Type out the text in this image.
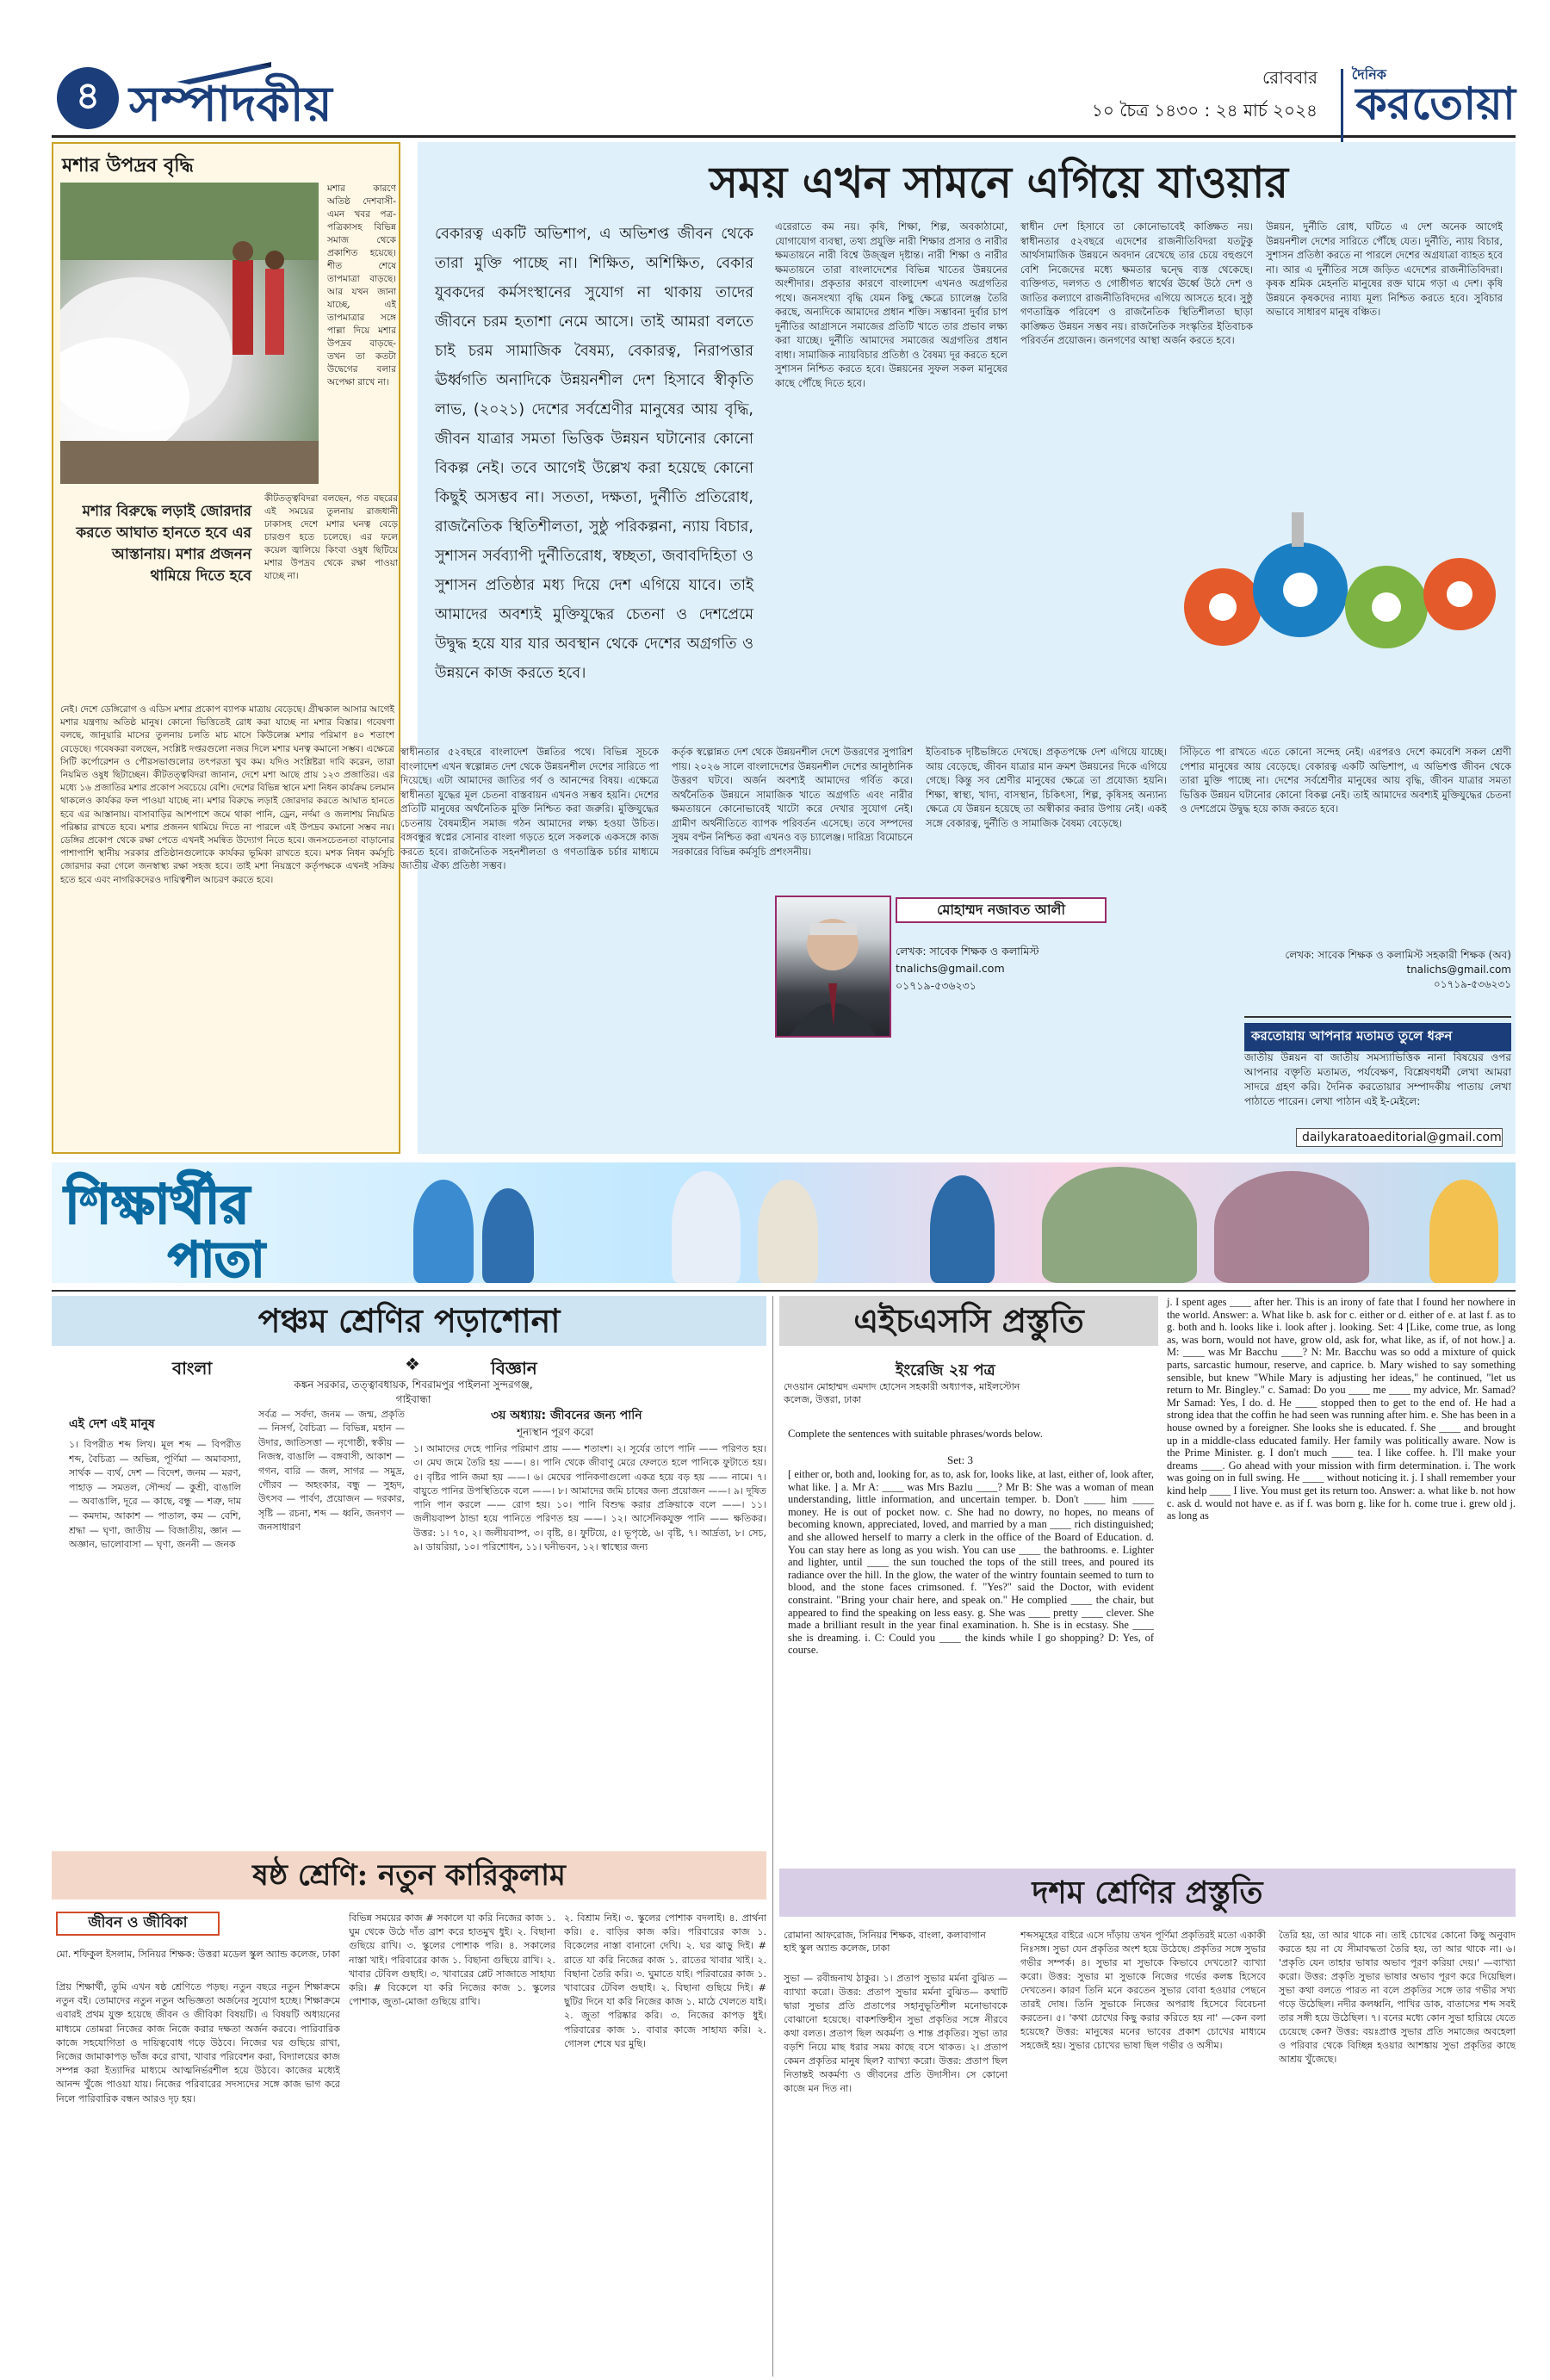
৪ সম্পাদকীয়	রোববার
১০ চৈত্র ১৪৩০ : ২৪ মার্চ ২০২৪
দৈনিক
করতোয়া
মশার উপদ্রব বৃদ্ধি
মশার কারণে অতিষ্ঠ দেশবাসী-এমন খবর পত্র-পত্রিকাসহ বিভিন্ন সমাজ থেকে প্রকাশিত হয়েছে। শীত শেষে তাপমাত্রা বাড়ছে। আর যখন জানা যাচ্ছে, এই তাপমাত্রার সঙ্গে পাল্লা দিয়ে মশার উপদ্রব বাড়ছে-তখন তা কতটা উদ্বেগের বলার অপেক্ষা রাখে না।
মশার বিরুদ্ধে লড়াই জোরদার করতে আঘাত হানতে হবে এর আস্তানায়। মশার প্রজনন থামিয়ে দিতে হবে
কীটতত্ত্ববিদরা বলছেন, গত বছরের এই সময়ের তুলনায় রাজধানী ঢাকাসহ দেশে মশার ঘনত্ব বেড়ে চারগুণ হতে চলেছে। এর ফলে কয়েল জ্বালিয়ে কিংবা ওষুধ ছিটিয়ে মশার উপদ্রব থেকে রক্ষা পাওয়া যাচ্ছে না।
নেই। দেশে ডেঙ্গিরোগ ও এডিস মশার প্রকোপ ব্যাপক মাত্রায় বেড়েছে। গ্রীষ্মকাল আসার আগেই মশার যন্ত্রণায় অতিষ্ঠ মানুষ। কোনো ভিত্তিতেই রোধ করা যাচ্ছে না মশার বিস্তার। গবেষণা বলছে, জানুয়ারি মাসের তুলনায় চলতি মাচ মাসে কিউলেক্স মশার পরিমাণ ৪০ শতাংশ বেড়েছে। গবেষকরা বলছেন, সংশ্লিষ্ট দপ্তরগুলো নজর দিলে মশার ঘনত্ব কমানো সম্ভব। এক্ষেত্রে সিটি কর্পোরেশন ও পৌরসভাগুলোর তৎপরতা খুব কম। যদিও সংশ্লিষ্টরা দাবি করেন, তারা নিয়মিত ওষুধ ছিটাচ্ছেন। কীটতত্ত্ববিদরা জানান, দেশে মশা আছে প্রায় ১২৩ প্রজাতির। এর মধ্যে ১৬ প্রজাতির মশার প্রকোপ সবচেয়ে বেশি। দেশের বিভিন্ন স্থানে মশা নিধন কার্যক্রম চলমান থাকলেও কার্যকর ফল পাওয়া যাচ্ছে না। মশার বিরুদ্ধে লড়াই জোরদার করতে আঘাত হানতে হবে এর আস্তানায়। বাসাবাড়ির আশপাশে জমে থাকা পানি, ড্রেন, নর্দমা ও জলাশয় নিয়মিত পরিষ্কার রাখতে হবে। মশার প্রজনন থামিয়ে দিতে না পারলে এই উপদ্রব কমানো সম্ভব নয়। ডেঙ্গির প্রকোপ থেকে রক্ষা পেতে এখনই সমন্বিত উদ্যোগ নিতে হবে। জনসচেতনতা বাড়ানোর পাশাপাশি স্থানীয় সরকার প্রতিষ্ঠানগুলোকে কার্যকর ভূমিকা রাখতে হবে। মশক নিধন কর্মসূচি জোরদার করা গেলে জনস্বাস্থ্য রক্ষা সহজ হবে। তাই মশা নিয়ন্ত্রণে কর্তৃপক্ষকে এখনই সক্রিয় হতে হবে এবং নাগরিকদেরও দায়িত্বশীল আচরণ করতে হবে।
সময় এখন সামনে এগিয়ে যাওয়ার
বেকারত্ব একটি অভিশাপ, এ অভিশপ্ত জীবন থেকে তারা মুক্তি পাচ্ছে না। শিক্ষিত, অশিক্ষিত, বেকার যুবকদের কর্মসংস্থানের সুযোগ না থাকায় তাদের জীবনে চরম হতাশা নেমে আসে। তাই আমরা বলতে চাই চরম সামাজিক বৈষম্য, বেকারত্ব, নিরাপত্তার ঊর্ধ্বগতি অনাদিকে উন্নয়নশীল দেশ হিসাবে স্বীকৃতি লাভ, (২০২১) দেশের সর্বশ্রেণীর মানুষের আয় বৃদ্ধি, জীবন যাত্রার সমতা ভিত্তিক উন্নয়ন ঘটানোর কোনো বিকল্প নেই। তবে আগেই উল্লেখ করা হয়েছে কোনো কিছুই অসম্ভব না। সততা, দক্ষতা, দুর্নীতি প্রতিরোধ, রাজনৈতিক স্থিতিশীলতা, সুষ্ঠু পরিকল্পনা, ন্যায় বিচার, সুশাসন সর্বব্যাপী দুর্নীতিরোধ, স্বচ্ছতা, জবাবদিহিতা ও সুশাসন প্রতিষ্ঠার মধ্য দিয়ে দেশ এগিয়ে যাবে। তাই আমাদের অবশ্যই মুক্তিযুদ্ধের চেতনা ও দেশপ্রেমে উদ্বুদ্ধ হয়ে যার যার অবস্থান থেকে দেশের অগ্রগতি ও উন্নয়নে কাজ করতে হবে।
এরেরাতে কম নয়। কৃষি, শিক্ষা, শিল্প, অবকাঠামো, যোগাযোগ ব্যবস্থা, তথ্য প্রযুক্তি নারী শিক্ষার প্রসার ও নারীর ক্ষমতায়নে নারী বিশ্বে উজ্জ্বল দৃষ্টান্ত। নারী শিক্ষা ও নারীর ক্ষমতায়নে তারা বাংলাদেশের বিভিন্ন খাতের উন্নয়নের অংশীদার। প্রকৃতার কারণে বাংলাদেশ এখনও অগ্রগতির পথে। জনসংখ্যা বৃদ্ধি যেমন কিছু ক্ষেত্রে চ্যালেঞ্জ তৈরি করছে, অন্যদিকে আমাদের প্রধান শক্তি। সম্ভাবনা দুর্বার চাপ দুর্নীতির আগ্রাসনে সমাজের প্রতিটি খাতে তার প্রভাব লক্ষ্য করা যাচ্ছে। দুর্নীতি আমাদের সমাজের অগ্রগতির প্রধান বাধা। সামাজিক ন্যায়বিচার প্রতিষ্ঠা ও বৈষম্য দূর করতে হলে সুশাসন নিশ্চিত করতে হবে। উন্নয়নের সুফল সকল মানুষের কাছে পৌঁছে দিতে হবে।
স্বাধীন দেশ হিসাবে তা কোনোভাবেই কাঙ্ক্ষিত নয়। স্বাধীনতার ৫২বছরে এদেশের রাজনীতিবিদরা যতটুকু আর্থসামাজিক উন্নয়নে অবদান রেখেছে তার চেয়ে বহুগুণে বেশি নিজেদের মধ্যে ক্ষমতার দ্বন্দ্বে ব্যস্ত থেকেছে। ব্যক্তিগত, দলগত ও গোষ্ঠীগত স্বার্থের ঊর্ধ্বে উঠে দেশ ও জাতির কল্যাণে রাজনীতিবিদদের এগিয়ে আসতে হবে। সুষ্ঠু গণতান্ত্রিক পরিবেশ ও রাজনৈতিক স্থিতিশীলতা ছাড়া কাঙ্ক্ষিত উন্নয়ন সম্ভব নয়। রাজনৈতিক সংস্কৃতির ইতিবাচক পরিবর্তন প্রয়োজন। জনগণের আস্থা অর্জন করতে হবে।
উন্নয়ন, দুর্নীতি রোধ, ঘটিতে এ দেশ অনেক আগেই উন্নয়নশীল দেশের সারিতে পৌঁছে যেত। দুর্নীতি, ন্যায় বিচার, সুশাসন প্রতিষ্ঠা করতে না পারলে দেশের অগ্রযাত্রা ব্যাহত হবে না। আর এ দুর্নীতির সঙ্গে জড়িত এদেশের রাজনীতিবিদরা। কৃষক শ্রমিক মেহনতি মানুষের রক্ত ঘামে গড়া এ দেশ। কৃষি উন্নয়নে কৃষকদের ন্যায্য মূল্য নিশ্চিত করতে হবে। সুবিচার অভাবে সাধারণ মানুষ বঞ্চিত।
মোহাম্মদ নজাবত আলী
লেখক: সাবেক শিক্ষক ও কলামিস্ট
tnalichs@gmail.com
০১৭১৯-৫৩৬২৩১
স্বাধীনতার ৫২বছরে বাংলাদেশ উন্নতির পথে। বিভিন্ন সূচকে বাংলাদেশ এখন স্বল্পোন্নত দেশ থেকে উন্নয়নশীল দেশের সারিতে পা দিয়েছে। এটা আমাদের জাতির গর্ব ও আনন্দের বিষয়। এক্ষেত্রে স্বাধীনতা যুদ্ধের মূল চেতনা বাস্তবায়ন এখনও সম্ভব হয়নি। দেশের প্রতিটি মানুষের অর্থনৈতিক মুক্তি নিশ্চিত করা জরুরি। মুক্তিযুদ্ধের চেতনায় বৈষম্যহীন সমাজ গঠন আমাদের লক্ষ্য হওয়া উচিত। বঙ্গবন্ধুর স্বপ্নের সোনার বাংলা গড়তে হলে সকলকে একসঙ্গে কাজ করতে হবে। রাজনৈতিক সহনশীলতা ও গণতান্ত্রিক চর্চার মাধ্যমে জাতীয় ঐক্য প্রতিষ্ঠা সম্ভব।
কর্তৃক স্বল্পোন্নত দেশ থেকে উন্নয়নশীল দেশে উত্তরণের সুপারিশ পায়। ২০২৬ সালে বাংলাদেশের উন্নয়নশীল দেশের আনুষ্ঠানিক উত্তরণ ঘটবে। অর্জন অবশ্যই আমাদের গর্বিত করে। অর্থনৈতিক উন্নয়নে সামাজিক খাতে অগ্রগতি এবং নারীর ক্ষমতায়নে কোনোভাবেই খাটো করে দেখার সুযোগ নেই। গ্রামীণ অর্থনীতিতে ব্যাপক পরিবর্তন এসেছে। তবে সম্পদের সুষম বণ্টন নিশ্চিত করা এখনও বড় চ্যালেঞ্জ। দারিদ্র্য বিমোচনে সরকারের বিভিন্ন কর্মসূচি প্রশংসনীয়।
ইতিবাচক দৃষ্টিভঙ্গিতে দেখছে। প্রকৃতপক্ষে দেশ এগিয়ে যাচ্ছে। আয় বেড়েছে, জীবন যাত্রার মান ক্রমশ উন্নয়নের দিকে এগিয়ে গেছে। কিন্তু সব শ্রেণীর মানুষের ক্ষেত্রে তা প্রযোজ্য হয়নি। শিক্ষা, স্বাস্থ্য, খাদ্য, বাসস্থান, চিকিৎসা, শিল্প, কৃষিসহ অন্যান্য ক্ষেত্রে যে উন্নয়ন হয়েছে তা অস্বীকার করার উপায় নেই। একই সঙ্গে বেকারত্ব, দুর্নীতি ও সামাজিক বৈষম্য বেড়েছে।
সিঁড়িতে পা রাখতে এতে কোনো সন্দেহ নেই। এরপরও দেশে কমবেশি সকল শ্রেণী পেশার মানুষের আয় বেড়েছে। বেকারত্ব একটি অভিশাপ, এ অভিশপ্ত জীবন থেকে তারা মুক্তি পাচ্ছে না। দেশের সর্বশ্রেণীর মানুষের আয় বৃদ্ধি, জীবন যাত্রার সমতা ভিত্তিক উন্নয়ন ঘটানোর কোনো বিকল্প নেই। তাই আমাদের অবশ্যই মুক্তিযুদ্ধের চেতনা ও দেশপ্রেমে উদ্বুদ্ধ হয়ে কাজ করতে হবে।
লেখক: সাবেক শিক্ষক ও কলামিস্ট সহকারী শিক্ষক (অব)
tnalichs@gmail.com
০১৭১৯-৫৩৬২৩১
করতোয়ায় আপনার মতামত তুলে ধরুন
জাতীয় উন্নয়ন বা জাতীয় সমস্যাভিত্তিক নানা বিষয়ের ওপর আপনার বক্তৃতি মতামত, পর্যবেক্ষণ, বিশ্লেষণধর্মী লেখা আমরা সাদরে গ্রহণ করি। দৈনিক করতোয়ার সম্পাদকীয় পাতায় লেখা পাঠাতে পারেন। লেখা পাঠান এই ই-মেইলে:
dailykaratoaeditorial@gmail.com
শিক্ষার্থীর
পাতা
পঞ্চম শ্রেণির পড়াশোনা
বাংলা	❖	বিজ্ঞান
কঙ্কন সরকার, তত্ত্বাবধায়ক, শিবরামপুর পাইলনা সুন্দরগঞ্জ, গাইবান্ধা
এই দেশ এই মানুষ
৩য় অধ্যায়: জীবনের জন্য পানি
শূন্যস্থান পূরণ করো
১। বিপরীত শব্দ লিখ। মূল শব্দ — বিপরীত শব্দ, বৈচিত্র্য — অভিন্ন, পূর্ণিমা — অমাবস্যা, সার্থক — ব্যর্থ, দেশ — বিদেশ, জনম — মরণ, পাহাড় — সমতল, সৌন্দর্য — কুশ্রী, বাঙালি — অবাঙালি, দূরে — কাছে, বন্ধু — শত্রু, দাম — কমদাম, আকাশ — পাতাল, কম — বেশি, শ্রদ্ধা — ঘৃণা, জাতীয় — বিজাতীয়, জ্ঞান — অজ্ঞান, ভালোবাসা — ঘৃণা, জননী — জনক
সর্বত্র — সর্বদা, জনম — জন্ম, প্রকৃতি — নিসর্গ, বৈচিত্র্য — বিভিন্ন, মহান — উদার, জাতিসত্তা — নৃগোষ্ঠী, স্বকীয় — নিজস্ব, বাঙালি — বঙ্গবাসী, আকাশ — গগন, বারি — জল, সাগর — সমুদ্র, গৌরব — অহংকার, বন্ধু — সুহৃদ, উৎসব — পার্বণ, প্রয়োজন — দরকার, সৃষ্টি — রচনা, শব্দ — ধ্বনি, জনগণ — জনসাধারণ
১। আমাদের দেহে পানির পরিমাণ প্রায় —— শতাংশ। ২। সূর্যের তাপে পানি —— পরিণত হয়। ৩। মেঘ জমে তৈরি হয় ——। ৪। পানি থেকে জীবাণু মেরে ফেলতে হলে পানিকে ফুটাতে হয়। ৫। বৃষ্টির পানি জমা হয় ——। ৬। মেঘের পানিকণাগুলো একত্র হয়ে বড় হয় —— নামে। ৭। বায়ুতে পানির উপস্থিতিকে বলে ——। ৮। আমাদের জমি চাষের জন্য প্রয়োজন ——। ৯। দূষিত পানি পান করলে —— রোগ হয়। ১০। পানি বিশুদ্ধ করার প্রক্রিয়াকে বলে ——। ১১। জলীয়বাষ্প ঠান্ডা হয়ে পানিতে পরিণত হয় ——। ১২। আর্সেনিকযুক্ত পানি —— ক্ষতিকর। উত্তর: ১। ৭০, ২। জলীয়বাষ্প, ৩। বৃষ্টি, ৪। ফুটিয়ে, ৫। ভূপৃষ্ঠে, ৬। বৃষ্টি, ৭। আর্দ্রতা, ৮। সেচ, ৯। ডায়রিয়া, ১০। পরিশোধন, ১১। ঘনীভবন, ১২। স্বাস্থ্যের জন্য
এইচএসসি প্রস্তুতি
ইংরেজি ২য় পত্র
দেওয়ান মোহাম্মদ এমদাদ হোসেন সহকারী অধ্যাপক, মাইলস্টোন কলেজ, উত্তরা, ঢাকা
Complete the sentences with suitable phrases/words below.
Set: 3
[ either or, both and, looking for, as to, ask for, looks like, at last, either of, look after, what like. ] a. Mr A: ____ was Mrs Bazlu ____? Mr B: She was a woman of mean understanding, little information, and uncertain temper. b. Don't ____ him ____ money. He is out of pocket now. c. She had no dowry, no hopes, no means of becoming known, appreciated, loved, and married by a man ____ rich distinguished; and she allowed herself to marry a clerk in the office of the Board of Education. d. You can stay here as long as you wish. You can use ____ the bathrooms. e. Lighter and lighter, until ____ the sun touched the tops of the still trees, and poured its radiance over the hill. In the glow, the water of the wintry fountain seemed to turn to blood, and the stone faces crimsoned. f. "Yes?" said the Doctor, with evident constraint. "Bring your chair here, and speak on." He complied ____ the chair, but appeared to find the speaking on less easy. g. She was ____ pretty ____ clever. She made a brilliant result in the year final examination. h. She is in ecstasy. She ____ she is dreaming. i. C: Could you ____ the kinds while I go shopping? D: Yes, of course.
j. I spent ages ____ after her. This is an irony of fate that I found her nowhere in the world. Answer: a. What like b. ask for c. either or d. either of e. at last f. as to g. both and h. looks like i. look after j. looking. Set: 4 [Like, come true, as long as, was born, would not have, grow old, ask for, what like, as if, of not how.] a. M: ____ was Mr Bacchu ____? N: Mr. Bacchu was so odd a mixture of quick parts, sarcastic humour, reserve, and caprice. b. Mary wished to say something sensible, but knew "While Mary is adjusting her ideas," he continued, "let us return to Mr. Bingley." c. Samad: Do you ____ me ____ my advice, Mr. Samad? Mr Samad: Yes, I do. d. He ____ stopped then to get to the end of. He had a strong idea that the coffin he had seen was running after him. e. She has been in a house owned by a foreigner. She looks she is educated. f. She ____ and brought up in a middle-class educated family. Her family was politically aware. Now is the Prime Minister. g. I don't much ____ tea. I like coffee. h. I'll make your dreams ____. Go ahead with your mission with firm determination. i. The work was going on in full swing. He ____ without noticing it. j. I shall remember your kind help ____ I live. You must get its return too. Answer: a. what like b. not how c. ask d. would not have e. as if f. was born g. like for h. come true i. grew old j. as long as
ষষ্ঠ শ্রেণি: নতুন কারিকুলাম
জীবন ও জীবিকা
মো. শফিকুল ইসলাম, সিনিয়র শিক্ষক: উত্তরা মডেল স্কুল অ্যান্ড কলেজ, ঢাকা
প্রিয় শিক্ষার্থী, তুমি এখন ষষ্ঠ শ্রেণিতে পড়ছ। নতুন বছরে নতুন শিক্ষাক্রমে নতুন বই। তোমাদের নতুন নতুন অভিজ্ঞতা অর্জনের সুযোগ হচ্ছে। শিক্ষাক্রমে এবারই প্রথম যুক্ত হয়েছে জীবন ও জীবিকা বিষয়টি। এ বিষয়টি অধ্যয়নের মাধ্যমে তোমরা নিজের কাজ নিজে করার দক্ষতা অর্জন করবে। পারিবারিক কাজে সহযোগিতা ও দায়িত্ববোধ গড়ে উঠবে। নিজের ঘর গুছিয়ে রাখা, নিজের জামাকাপড় ভাঁজ করে রাখা, খাবার পরিবেশন করা, বিদ্যালয়ের কাজ সম্পন্ন করা ইত্যাদির মাধ্যমে আত্মনির্ভরশীল হয়ে উঠবে। কাজের মধ্যেই আনন্দ খুঁজে পাওয়া যায়। নিজের পরিবারের সদস্যদের সঙ্গে কাজ ভাগ করে নিলে পারিবারিক বন্ধন আরও দৃঢ় হয়।
বিভিন্ন সময়ের কাজ # সকালে যা করি নিজের কাজ ১. ঘুম থেকে উঠে দাঁত ব্রাশ করে হাতমুখ ধুই। ২. বিছানা গুছিয়ে রাখি। ৩. স্কুলের পোশাক পরি। ৪. সকালের নাস্তা খাই। পরিবারের কাজ ১. বিছানা গুছিয়ে রাখি। ২. খাবার টেবিল গুছাই। ৩. খাবারের প্লেট সাজাতে সাহায্য করি। # বিকেলে যা করি নিজের কাজ ১. স্কুলের পোশাক, জুতা-মোজা গুছিয়ে রাখি।
২. বিশ্রাম নিই। ৩. স্কুলের পোশাক বদলাই। ৪. প্রার্থনা করি। ৫. বাড়ির কাজ করি। পরিবারের কাজ ১. বিকেলের নাস্তা বানানো দেখি। ২. ঘর ঝাড়ু দিই। # রাতে যা করি নিজের কাজ ১. রাতের খাবার খাই। ২. বিছানা তৈরি করি। ৩. ঘুমাতে যাই। পরিবারের কাজ ১. খাবারের টেবিল গুছাই। ২. বিছানা গুছিয়ে দিই। # ছুটির দিনে যা করি নিজের কাজ ১. মাঠে খেলতে যাই। ২. জুতা পরিষ্কার করি। ৩. নিজের কাপড় ধুই। পরিবারের কাজ ১. বাবার কাজে সাহায্য করি। ২. গোসল শেষে ঘর মুছি।
দশম শ্রেণির প্রস্তুতি
রোমানা আফরোজ, সিনিয়র শিক্ষক, বাংলা, কলাবাগান হাই স্কুল অ্যান্ড কলেজ, ঢাকা
সুভা — রবীন্দ্রনাথ ঠাকুর। ১। প্রতাপ সুভার মর্মনা বুঝিত —ব্যাখ্যা করো। উত্তর: প্রতাপ সুভার মর্মনা বুঝিত— কথাটি দ্বারা সুভার প্রতি প্রতাপের সহানুভূতিশীল মনোভাবকে বোঝানো হয়েছে। বাকশক্তিহীন সুভা প্রকৃতির সঙ্গে নীরবে কথা বলত। প্রতাপ ছিল অকর্মণ্য ও শান্ত প্রকৃতির। সুভা তার বড়শি নিয়ে মাছ ধরার সময় কাছে বসে থাকত। ২। প্রতাপ কেমন প্রকৃতির মানুষ ছিল? ব্যাখ্যা করো। উত্তর: প্রতাপ ছিল নিতান্তই অকর্মণ্য ও জীবনের প্রতি উদাসীন। সে কোনো কাজে মন দিত না।
শব্দসমূহের বাইরে এসে দাঁড়ায় তখন পূর্ণিমা প্রকৃতিরই মতো একাকী নিঃসঙ্গ। সুভা যেন প্রকৃতির অংশ হয়ে উঠেছে। প্রকৃতির সঙ্গে সুভার গভীর সম্পর্ক। ৪। সুভার মা সুভাকে কিভাবে দেখতো? ব্যাখ্যা করো। উত্তর: সুভার মা সুভাকে নিজের গর্ভের কলঙ্ক হিসেবে দেখতেন। কারণ তিনি মনে করতেন সুভার বোবা হওয়ার পেছনে তারই দোষ। তিনি সুভাকে নিজের অপরাধ হিসেবে বিবেচনা করতেন। ৫। 'কথা চোখের কিছু করার করিতে হয় না' —কেন বলা হয়েছে? উত্তর: মানুষের মনের ভাবের প্রকাশ চোখের মাধ্যমে সহজেই হয়। সুভার চোখের ভাষা ছিল গভীর ও অসীম।
তৈরি হয়, তা আর থাকে না। তাই চোখের কোনো কিছু অনুবাদ করতে হয় না যে সীমাবদ্ধতা তৈরি হয়, তা আর থাকে না। ৬। 'প্রকৃতি যেন তাহার ভাষার অভাব পূরণ করিয়া দেয়।' —ব্যাখ্যা করো। উত্তর: প্রকৃতি সুভার ভাষার অভাব পূরণ করে দিয়েছিল। সুভা কথা বলতে পারত না বলে প্রকৃতির সঙ্গে তার গভীর সখ্য গড়ে উঠেছিল। নদীর কলধ্বনি, পাখির ডাক, বাতাসের শব্দ সবই তার সঙ্গী হয়ে উঠেছিল। ৭। বনের মধ্যে কোন সুভা হারিয়ে যেতে চেয়েছে কেন? উত্তর: বয়ঃপ্রাপ্ত সুভার প্রতি সমাজের অবহেলা ও পরিবার থেকে বিচ্ছিন্ন হওয়ার আশঙ্কায় সুভা প্রকৃতির কাছে আশ্রয় খুঁজেছে।
